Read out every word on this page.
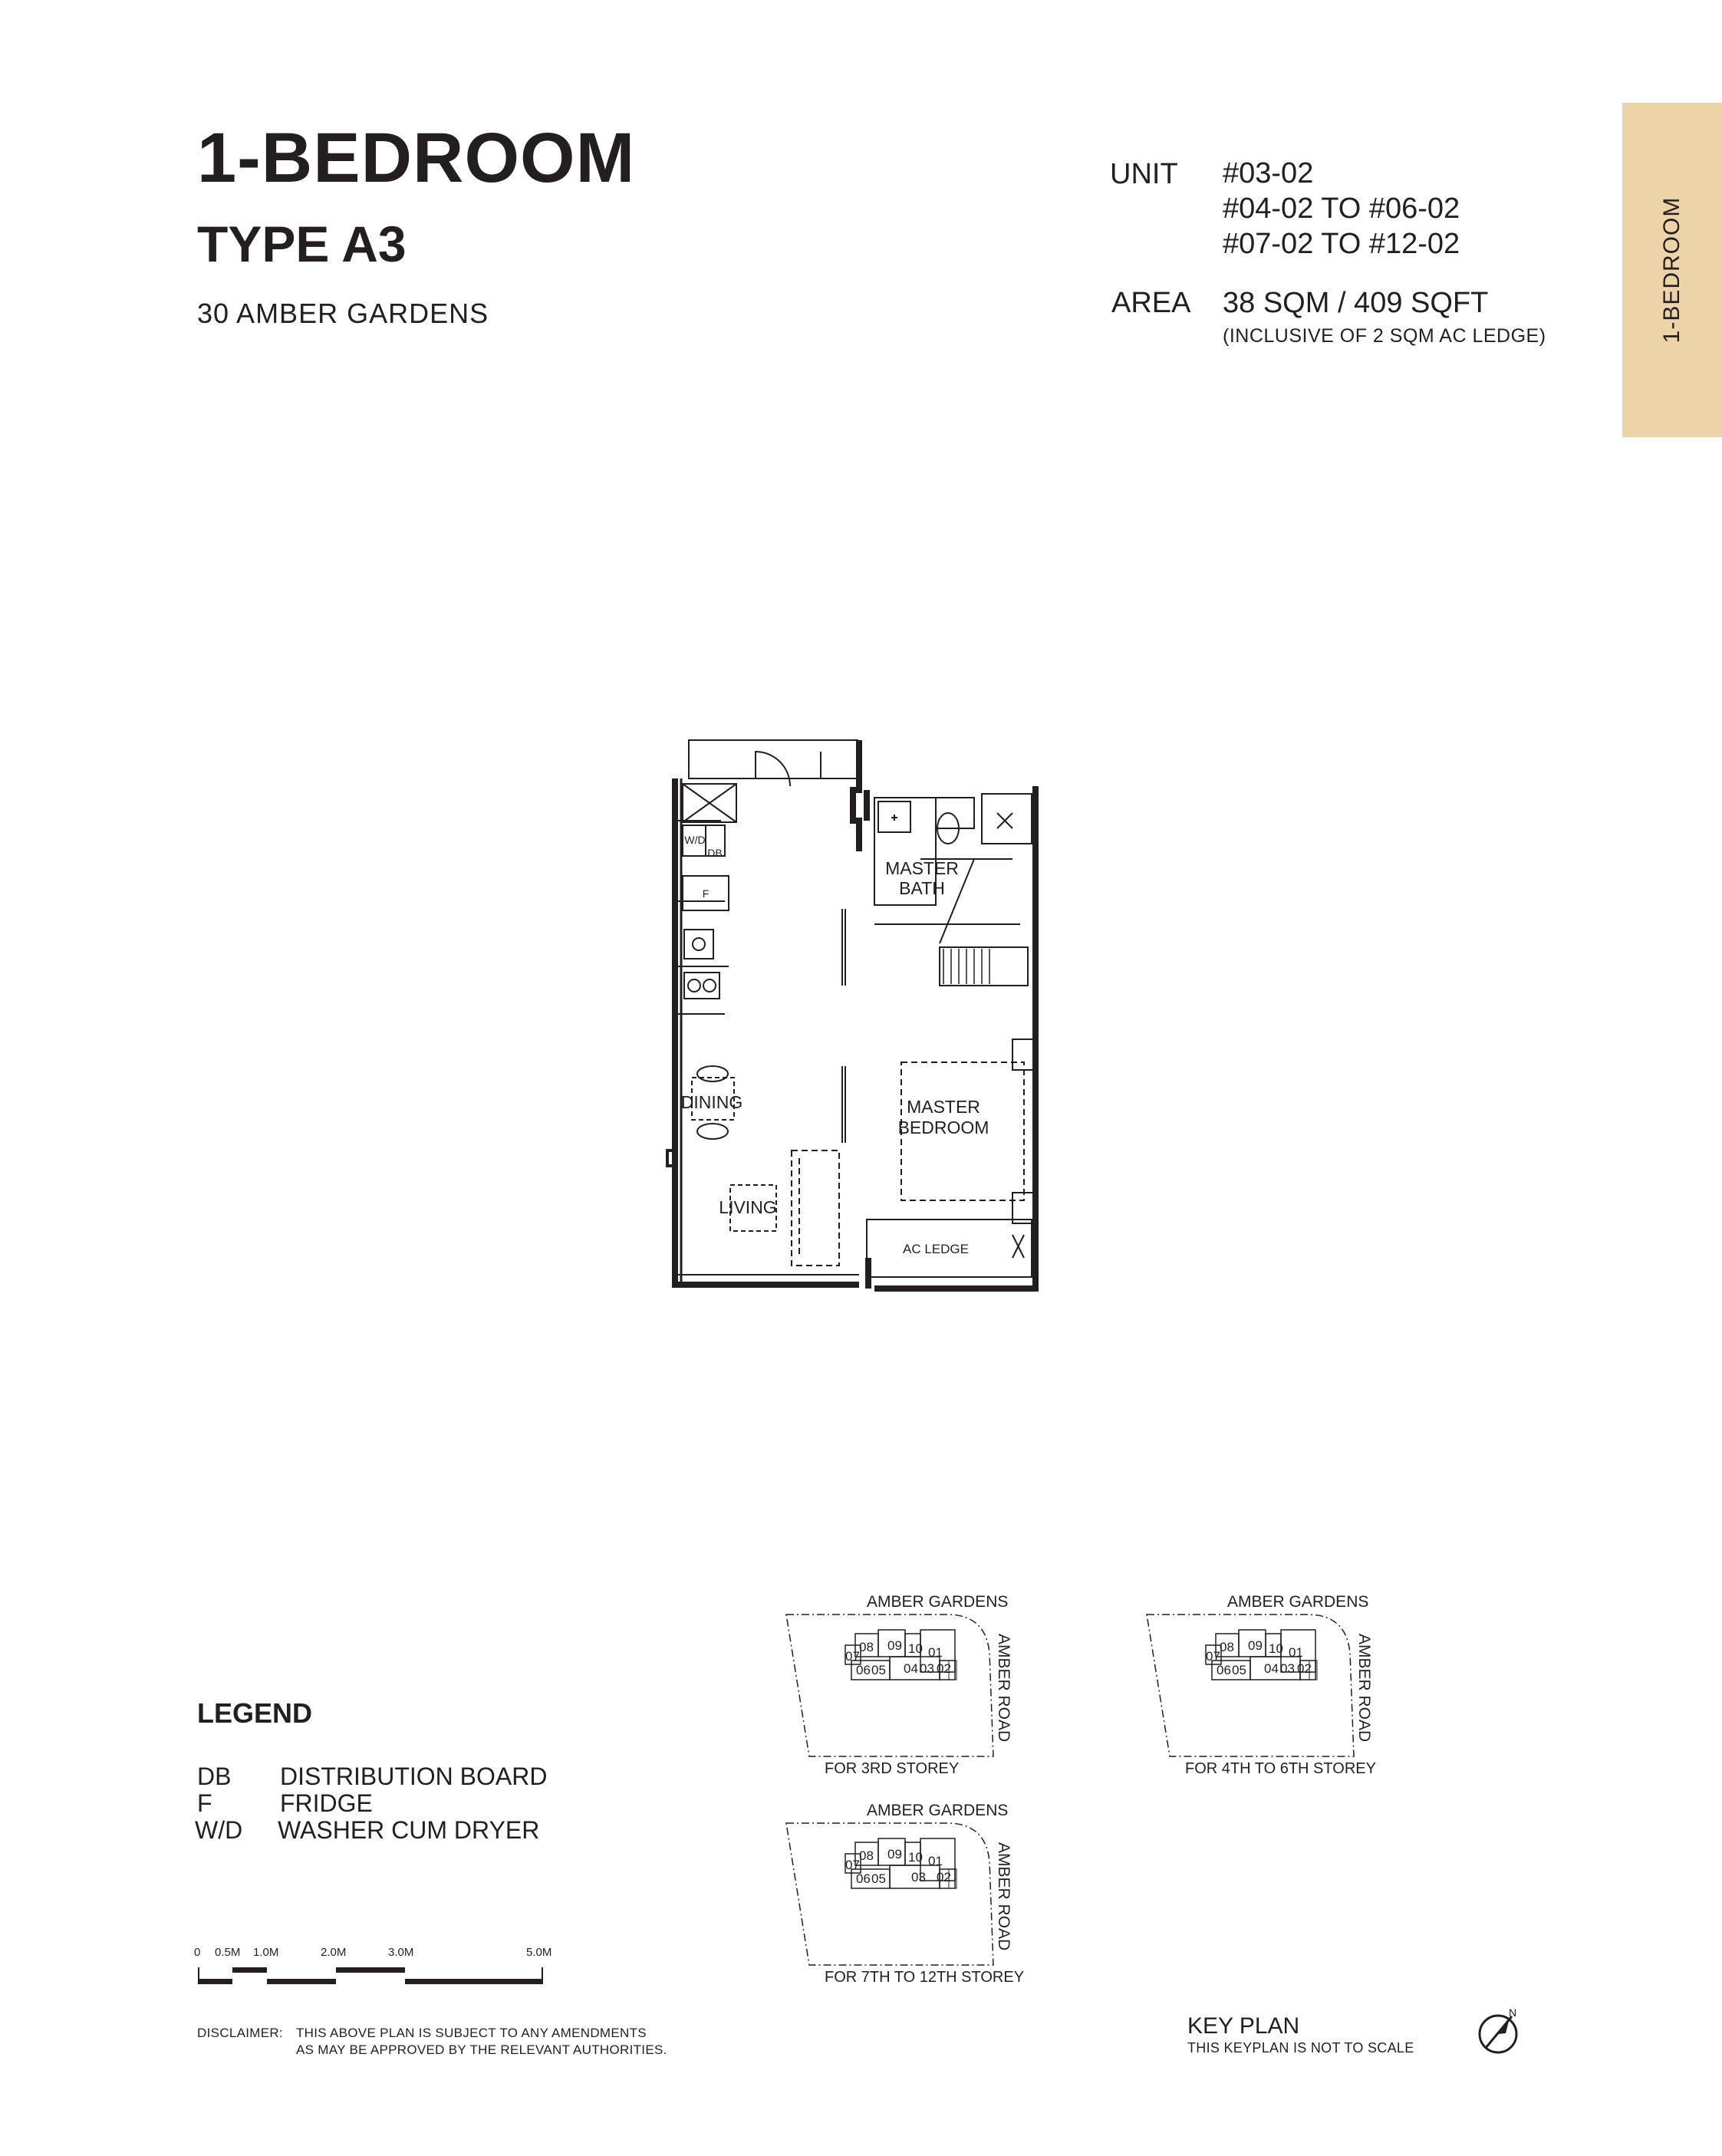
1-BEDROOM
TYPE A3
30 AMBER GARDENS
UNIT #03-02
#04-02 TO #06-02
#07-02 TO #12-02
AREA 38 SQM / 409 SQFT
(INCLUSIVE OF 2 SQM AC LEDGE)	1-BEDROOM
MASTER
BATH
DINING	MASTER
BEDROOM
LIVING
AC LEDGE
W/D
DB
F
LEGEND
DB DISTRIBUTION BOARD
F	FRIDGE
W/D WASHER CUM DRYER
0 0.5M 1.0M	2.0M	3.0M	5.0M
DISCLAIMER: THIS ABOVE PLAN IS SUBJECT TO ANY AMENDMENTS
AS MAY BE APPROVED BY THE RELEVANT AUTHORITIES.
AMBER GARDENS
AMBER ROAD
08 09 10
07	01
06 05 04 03 02
FOR 3RD STOREY
AMBER GARDENS
AMBER ROAD
08 09 10
07	01
06 05 04 03 02
FOR 4TH TO 6TH STOREY
AMBER GARDENS
AMBER ROAD
08 09 10
07	01
06 05 03 02
FOR 7TH TO 12TH STOREY
KEY PLAN
THIS KEYPLAN IS NOT TO SCALE
N
